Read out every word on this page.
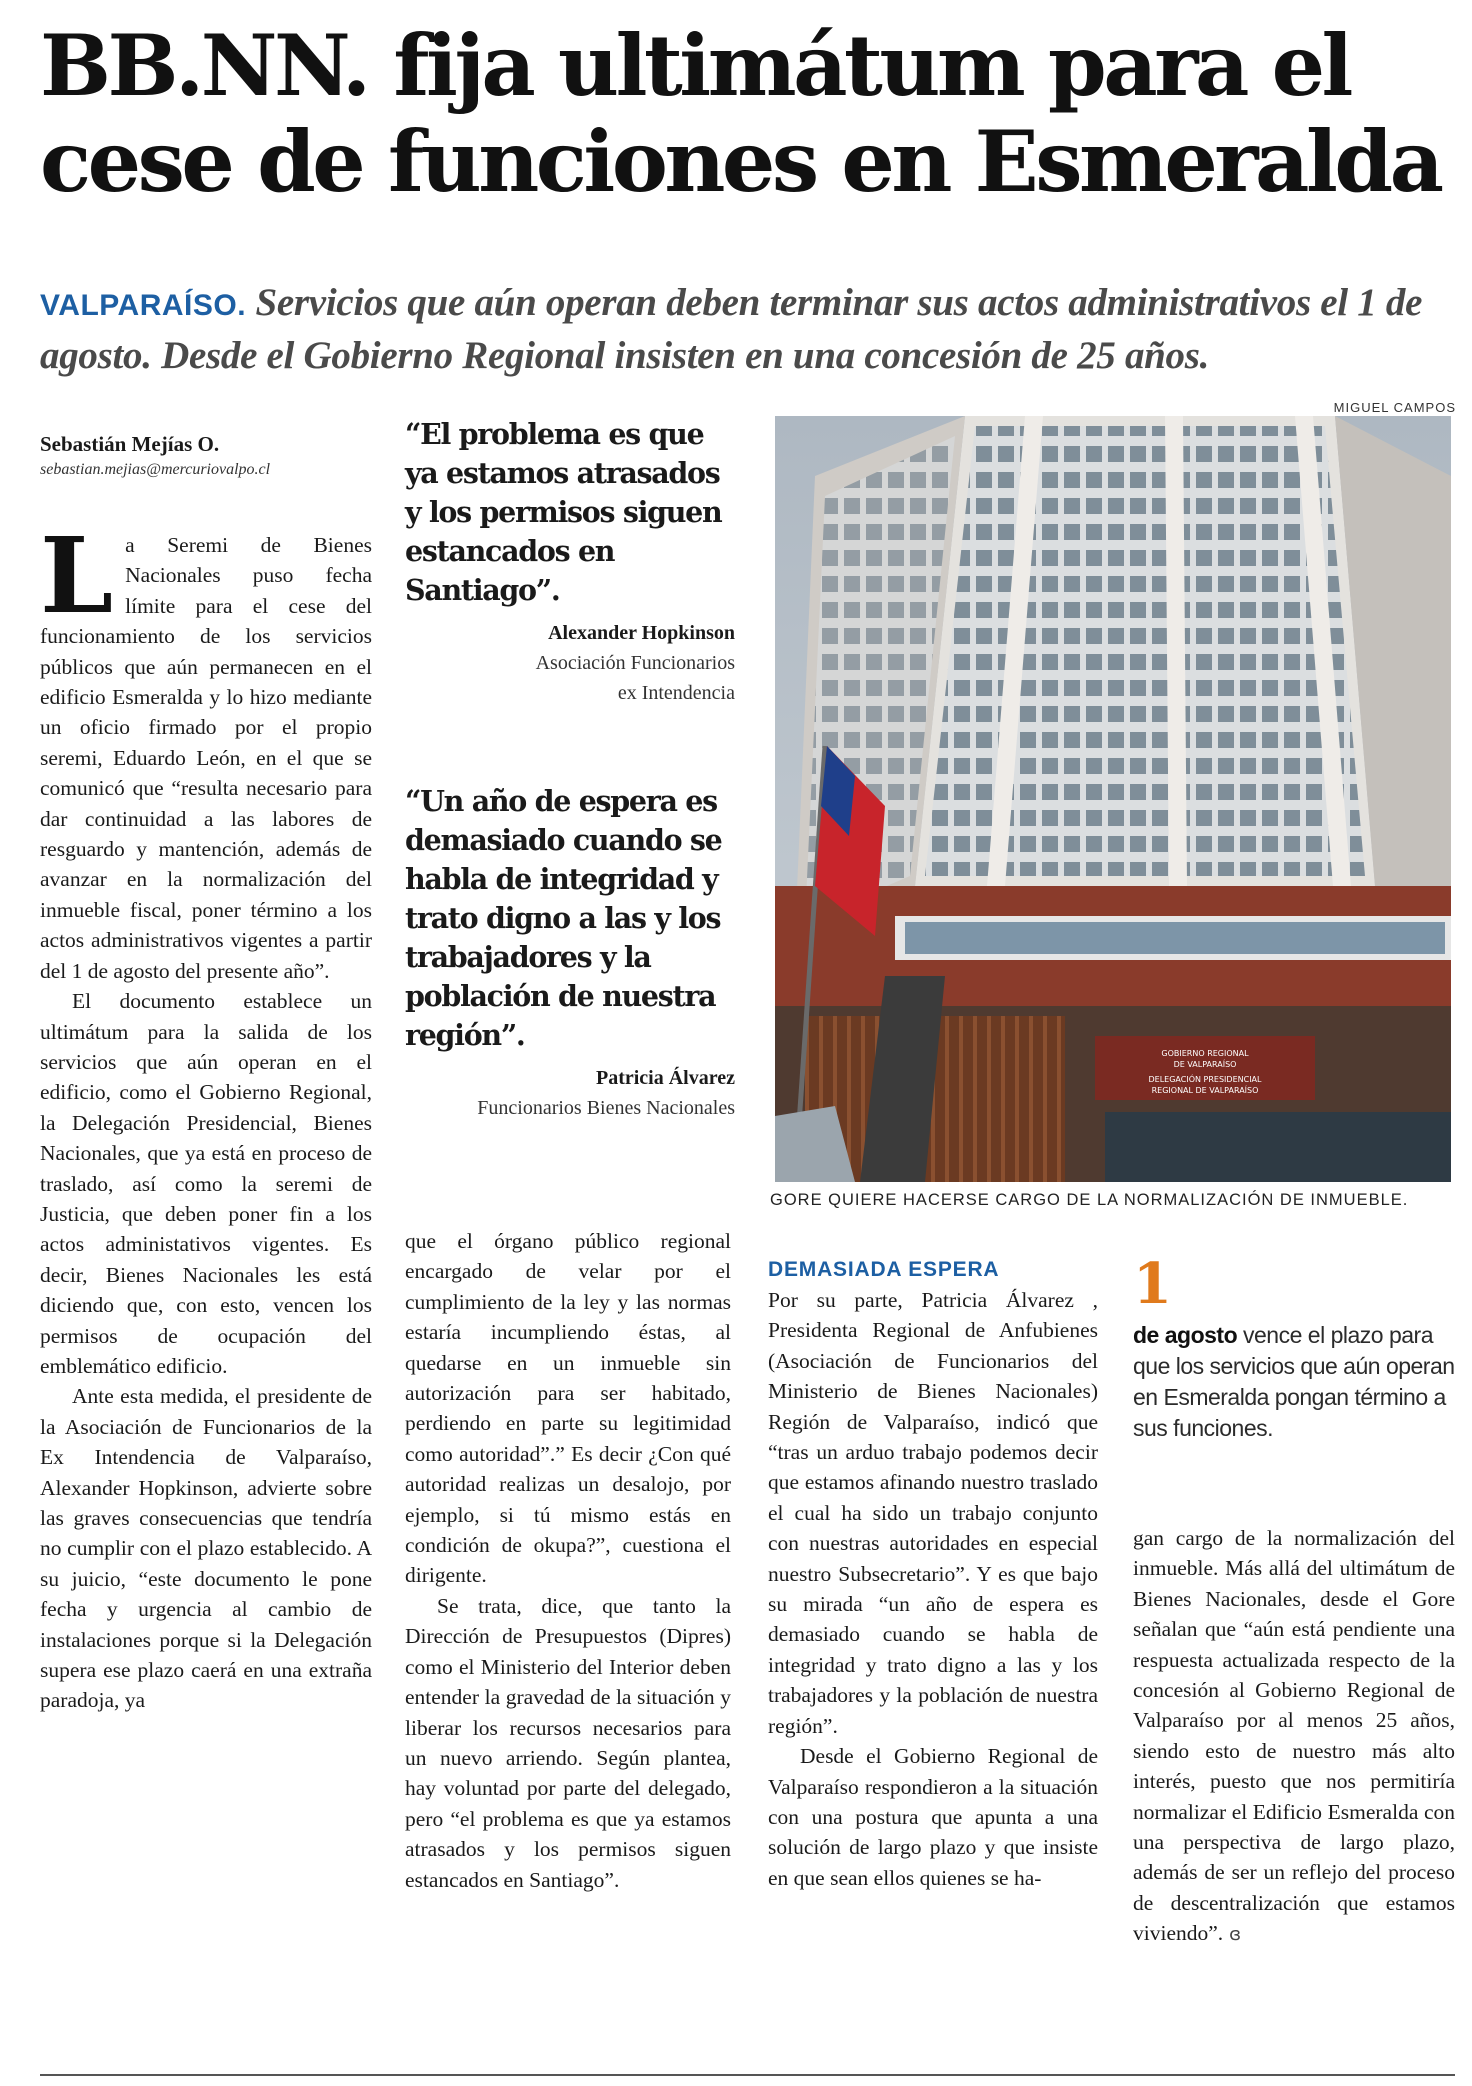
BB.NN. fija ultimátum para el
cese de funciones en Esmeralda
VALPARAÍSO. Servicios que aún operan deben terminar sus actos administrativos el 1 de agosto. Desde el Gobierno Regional insisten en una concesión de 25 años.
MIGUEL CAMPOS
Sebastián Mejías O.
sebastian.mejias@mercuriovalpo.cl

La Seremi de Bienes Nacionales puso fecha límite para el cese del funcionamiento de los servicios públicos que aún permanecen en el edificio Esmeralda y lo hizo mediante un oficio firmado por el propio seremi, Eduardo León, en el que se comunicó que “resulta necesario para dar continuidad a las labores de resguardo y mantención, además de avanzar en la normalización del inmueble fiscal, poner término a los actos administrativos vigentes a partir del 1 de agosto del presente año”.

El documento establece un ultimátum para la salida de los servicios que aún operan en el edificio, como el Gobierno Regional, la Delegación Presidencial, Bienes Nacionales, que ya está en proceso de traslado, así como la seremi de Justicia, que deben poner fin a los actos administativos vigentes. Es decir, Bienes Nacionales les está diciendo que, con esto, vencen los permisos de ocupación del emblemático edificio.

Ante esta medida, el presidente de la Asociación de Funcionarios de la Ex Intendencia de Valparaíso, Alexander Hopkinson, advierte sobre las graves consecuencias que tendría no cumplir con el plazo establecido. A su juicio, “este documento le pone fecha y urgencia al cambio de instalaciones porque si la Delegación supera ese plazo caerá en una extraña paradoja, ya

“El problema es que ya estamos atrasados y los permisos siguen estancados en Santiago”.
Alexander Hopkinson
Asociación Funcionarios
ex Intendencia
“Un año de espera es demasiado cuando se habla de integridad y trato digno a las y los trabajadores y la población de nuestra región”.
Patricia Álvarez
Funcionarios Bienes Nacionales

que el órgano público regional encargado de velar por el cumplimiento de la ley y las normas estaría incumpliendo éstas, al quedarse en un inmueble sin autorización para ser habitado, perdiendo en parte su legitimidad como autoridad”.” Es decir ¿Con qué autoridad realizas un desalojo, por ejemplo, si tú mismo estás en condición de okupa?”, cuestiona el dirigente.

Se trata, dice, que tanto la Dirección de Presupuestos (Dipres) como el Ministerio del Interior deben entender la gravedad de la situación y liberar los recursos necesarios para un nuevo arriendo. Según plantea, hay voluntad por parte del delegado, pero “el problema es que ya estamos atrasados y los permisos siguen estancados en Santiago”.

GOBIERNO REGIONAL
DE VALPARAÍSO
DELEGACIÓN PRESIDENCIAL
REGIONAL DE VALPARAÍSO
GORE QUIERE HACERSE CARGO DE LA NORMALIZACIÓN DE INMUEBLE.
DEMASIADA ESPERA

Por su parte, Patricia Álvarez , Presidenta Regional de Anfubienes (Asociación de Funcionarios del Ministerio de Bienes Nacionales) Región de Valparaíso, indicó que “tras un arduo trabajo podemos decir que estamos afinando nuestro traslado el cual ha sido un trabajo conjunto con nuestras autoridades en especial nuestro Subsecretario”. Y es que bajo su mirada “un año de espera es demasiado cuando se habla de integridad y trato digno a las y los trabajadores y la población de nuestra región”.

Desde el Gobierno Regional de Valparaíso respondieron a la situación con una postura que apunta a una solución de largo plazo y que insiste en que sean ellos quienes se ha-

1
de agosto vence el plazo para que los servicios que aún operan en Esmeralda pongan término a sus funciones.

gan cargo de la normalización del inmueble. Más allá del ultimátum de Bienes Nacionales, desde el Gore señalan que “aún está pendiente una respuesta actualizada respecto de la concesión al Gobierno Regional de Valparaíso por al menos 25 años, siendo esto de nuestro más alto interés, puesto que nos permitiría normalizar el Edificio Esmeralda con una perspectiva de largo plazo, además de ser un reflejo del proceso de descentralización que estamos viviendo”. ɞ
